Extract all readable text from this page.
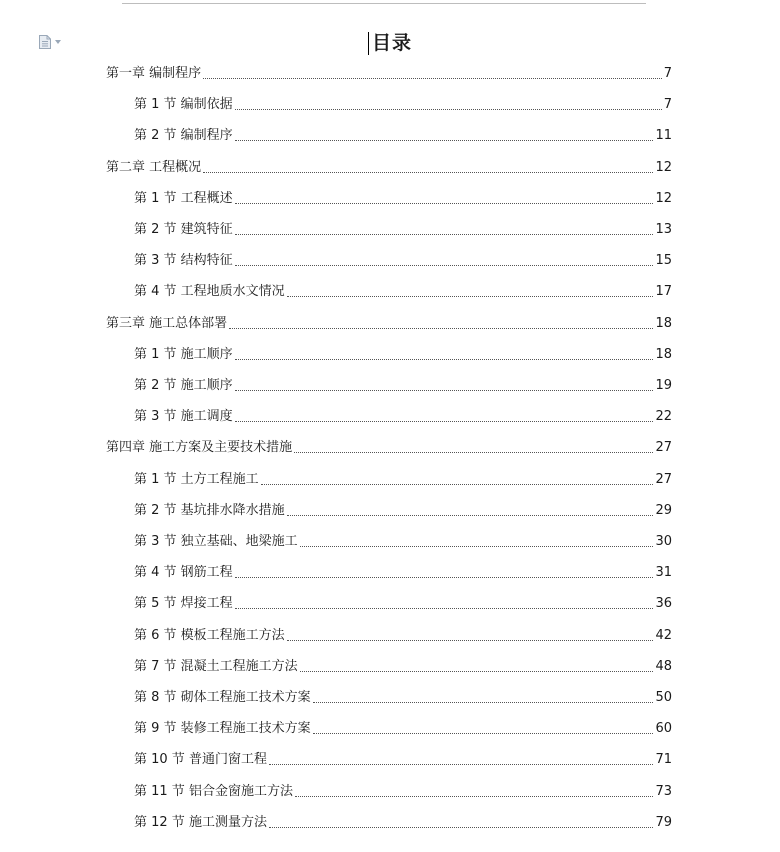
目录
第一章 编制程序	7
第 1 节 编制依据	7
第 2 节 编制程序	11
第二章 工程概况	12
第 1 节 工程概述	12
第 2 节 建筑特征	13
第 3 节 结构特征	15
第 4 节 工程地质水文情况	17
第三章 施工总体部署	18
第 1 节 施工顺序	18
第 2 节 施工顺序	19
第 3 节 施工调度	22
第四章 施工方案及主要技术措施	27
第 1 节 土方工程施工	27
第 2 节 基坑排水降水措施	29
第 3 节 独立基础、地梁施工	30
第 4 节 钢筋工程	31
第 5 节 焊接工程	36
第 6 节 模板工程施工方法	42
第 7 节 混凝土工程施工方法	48
第 8 节 砌体工程施工技术方案	50
第 9 节 装修工程施工技术方案	60
第 10 节 普通门窗工程	71
第 11 节 铝合金窗施工方法	73
第 12 节 施工测量方法	79
